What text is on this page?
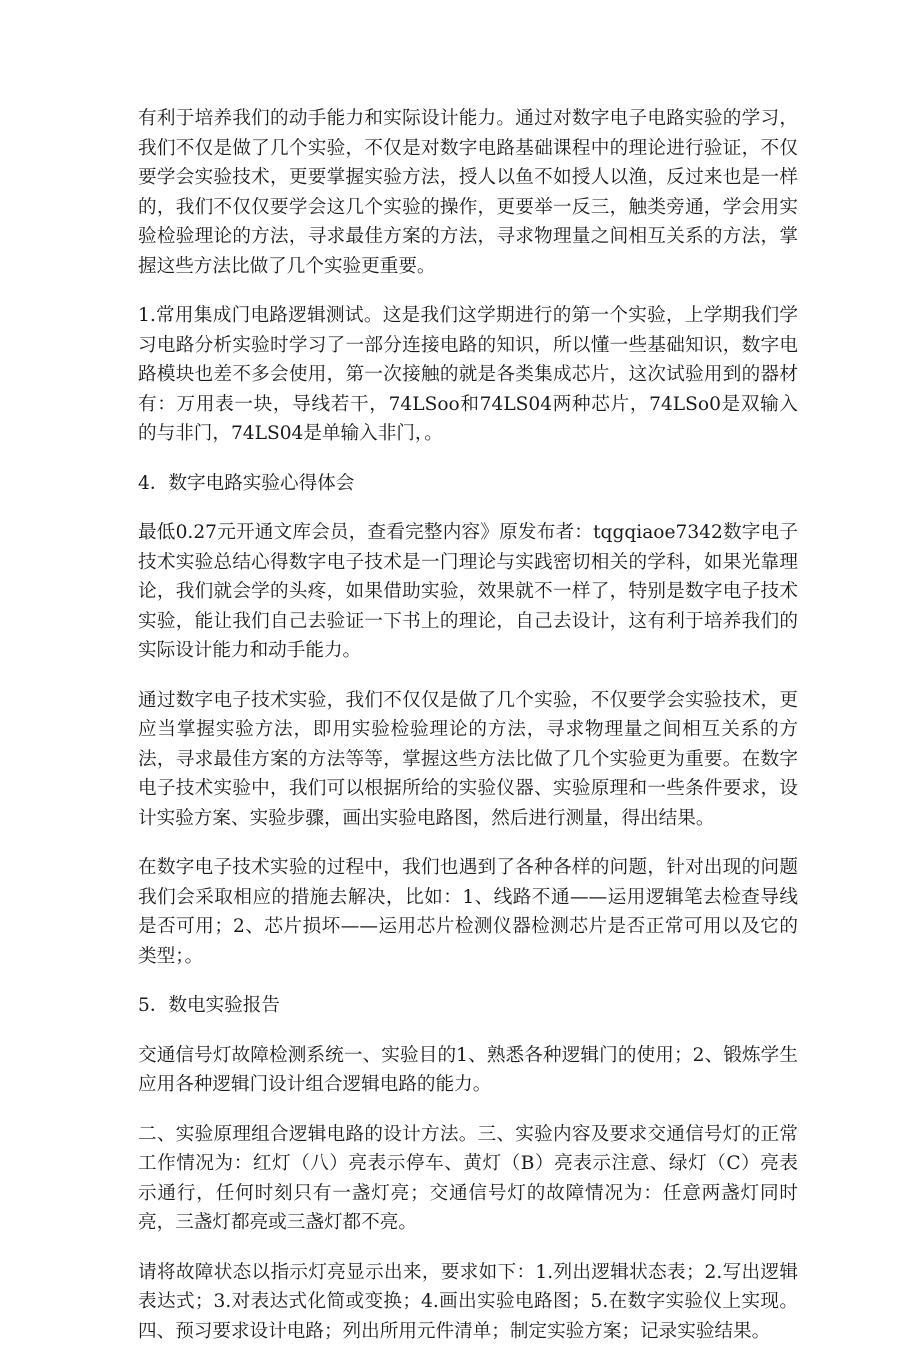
有利于培养我们的动手能力和实际设计能力。通过对数字电子电路实验的学习，我们不仅是做了几个实验，不仅是对数字电路基础课程中的理论进行验证，不仅要学会实验技术，更要掌握实验方法，授人以鱼不如授人以渔，反过来也是一样的，我们不仅仅要学会这几个实验的操作，更要举一反三，触类旁通，学会用实验检验理论的方法，寻求最佳方案的方法，寻求物理量之间相互关系的方法，掌握这些方法比做了几个实验更重要。

1.常用集成门电路逻辑测试。这是我们这学期进行的第一个实验，上学期我们学习电路分析实验时学习了一部分连接电路的知识，所以懂一些基础知识，数字电路模块也差不多会使用，第一次接触的就是各类集成芯片，这次试验用到的器材有：万用表一块，导线若干，74LSoo和74LS04两种芯片，74LSo0是双输入的与非门，74LS04是单输入非门，。

4．数字电路实验心得体会

最低0.27元开通文库会员，查看完整内容》原发布者：tqgqiaoe7342数字电子技术实验总结心得数字电子技术是一门理论与实践密切相关的学科，如果光靠理论，我们就会学的头疼，如果借助实验，效果就不一样了，特别是数字电子技术实验，能让我们自己去验证一下书上的理论，自己去设计，这有利于培养我们的实际设计能力和动手能力。

通过数字电子技术实验，我们不仅仅是做了几个实验，不仅要学会实验技术，更应当掌握实验方法，即用实验检验理论的方法，寻求物理量之间相互关系的方法，寻求最佳方案的方法等等，掌握这些方法比做了几个实验更为重要。在数字电子技术实验中，我们可以根据所给的实验仪器、实验原理和一些条件要求，设计实验方案、实验步骤，画出实验电路图，然后进行测量，得出结果。

在数字电子技术实验的过程中，我们也遇到了各种各样的问题，针对出现的问题我们会采取相应的措施去解决，比如：1、线路不通——运用逻辑笔去检查导线是否可用；2、芯片损坏——运用芯片检测仪器检测芯片是否正常可用以及它的类型；。

5．数电实验报告

交通信号灯故障检测系统一、实验目的1、熟悉各种逻辑门的使用；2、锻炼学生应用各种逻辑门设计组合逻辑电路的能力。

二、实验原理组合逻辑电路的设计方法。三、实验内容及要求交通信号灯的正常工作情况为：红灯（八）亮表示停车、黄灯（B）亮表示注意、绿灯（C）亮表示通行，任何时刻只有一盏灯亮；交通信号灯的故障情况为：任意两盏灯同时亮，三盏灯都亮或三盏灯都不亮。

请将故障状态以指示灯亮显示出来，要求如下：1.列出逻辑状态表；2.写出逻辑表达式；3.对表达式化简或变换；4.画出实验电路图；5.在数字实验仪上实现。四、预习要求设计电路；列出所用元件清单；制定实验方案；记录实验结果。
